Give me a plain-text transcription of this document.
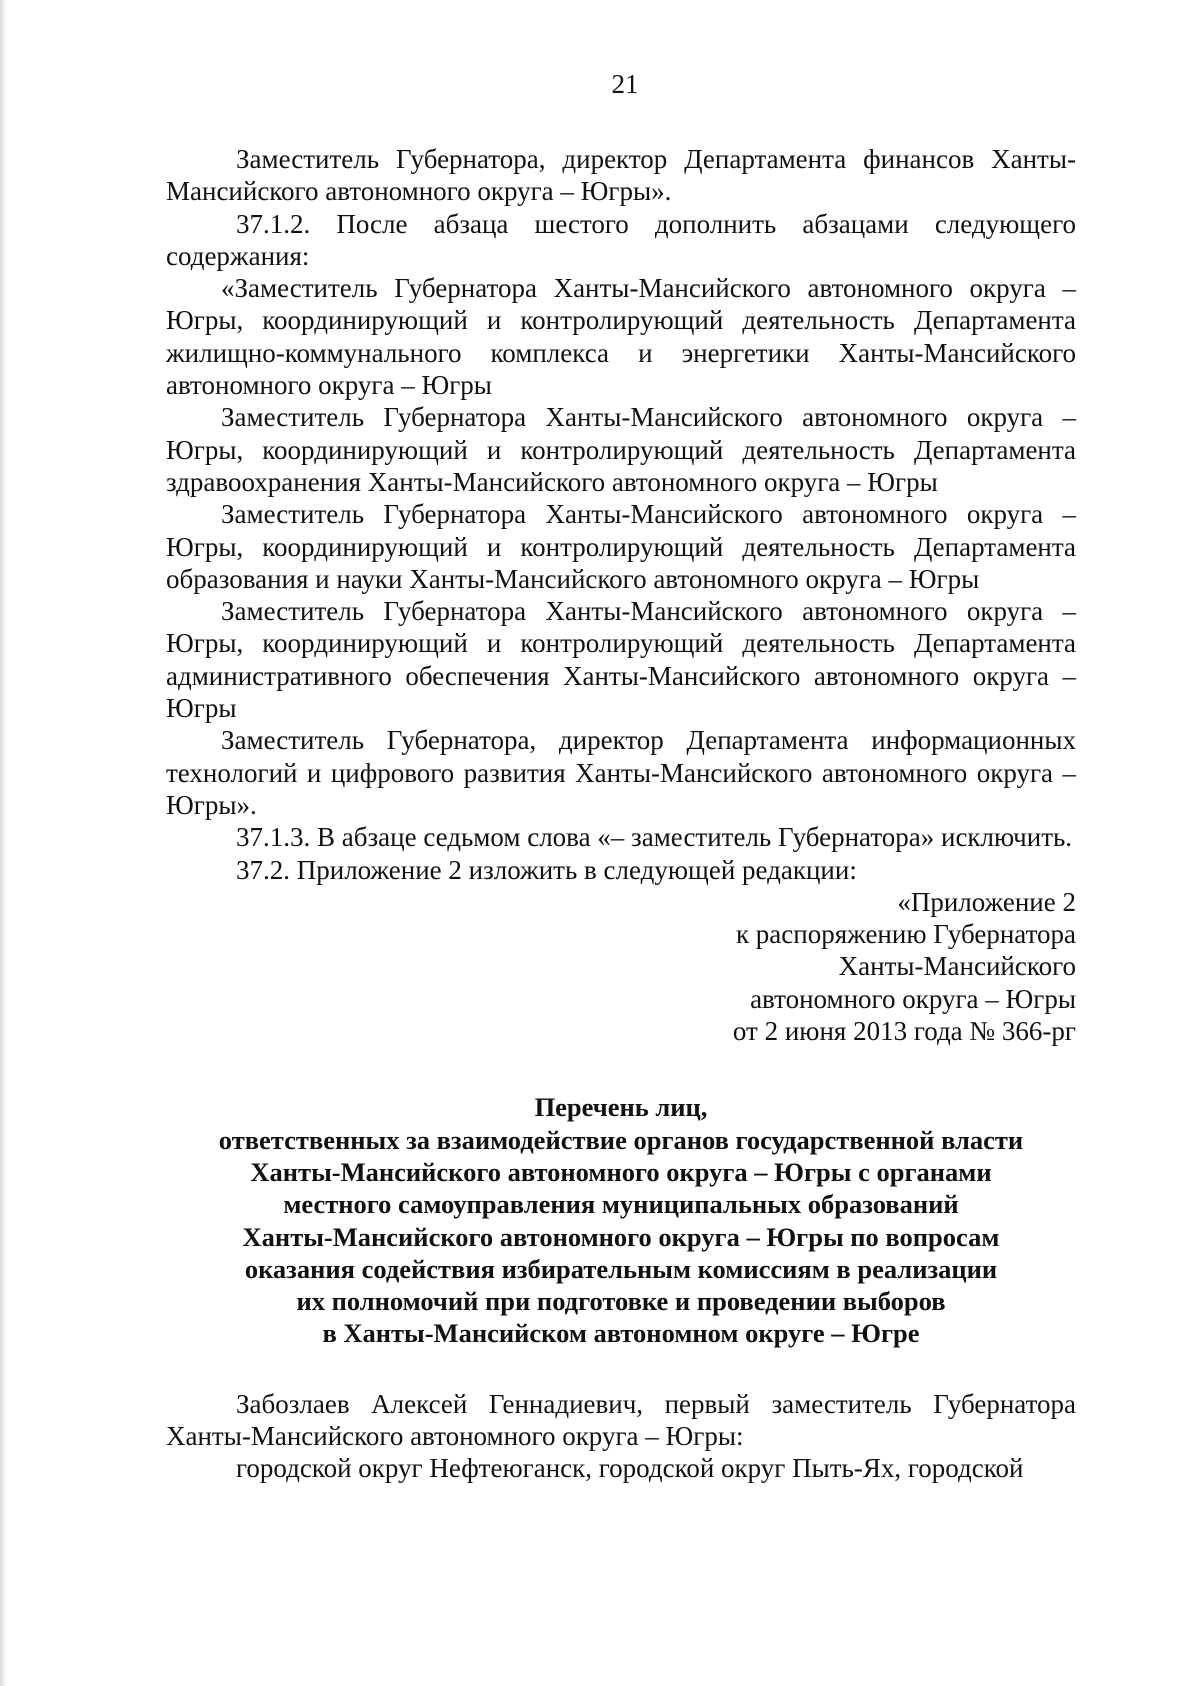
21

Заместитель Губернатора, директор Департамента финансов Ханты-Мансийского автономного округа – Югры».

37.1.2. После абзаца шестого дополнить абзацами следующего содержания:

«Заместитель Губернатора Ханты-Мансийского автономного округа – Югры, координирующий и контролирующий деятельность Департамента жилищно-коммунального комплекса и энергетики Ханты-Мансийского автономного округа – Югры

Заместитель Губернатора Ханты-Мансийского автономного округа – Югры, координирующий и контролирующий деятельность Департамента здравоохранения Ханты-Мансийского автономного округа – Югры

Заместитель Губернатора Ханты-Мансийского автономного округа – Югры, координирующий и контролирующий деятельность Департамента образования и науки Ханты-Мансийского автономного округа – Югры

Заместитель Губернатора Ханты-Мансийского автономного округа – Югры, координирующий и контролирующий деятельность Департамента административного обеспечения Ханты-Мансийского автономного округа – Югры

Заместитель Губернатора, директор Департамента информационных технологий и цифрового развития Ханты-Мансийского автономного округа – Югры».

37.1.3. В абзаце седьмом слова «– заместитель Губернатора» исключить.

37.2. Приложение 2 изложить в следующей редакции:

«Приложение 2
к распоряжению Губернатора
Ханты-Мансийского
автономного округа – Югры
от 2 июня 2013 года № 366-рг
Перечень лиц,
ответственных за взаимодействие органов государственной власти
Ханты-Мансийского автономного округа – Югры с органами
местного самоуправления муниципальных образований
Ханты-Мансийского автономного округа – Югры по вопросам
оказания содействия избирательным комиссиям в реализации
их полномочий при подготовке и проведении выборов
в Ханты-Мансийском автономном округе – Югре

Забозлаев Алексей Геннадиевич, первый заместитель Губернатора Ханты-Мансийского автономного округа – Югры:

городской округ Нефтеюганск, городской округ Пыть-Ях, городской
